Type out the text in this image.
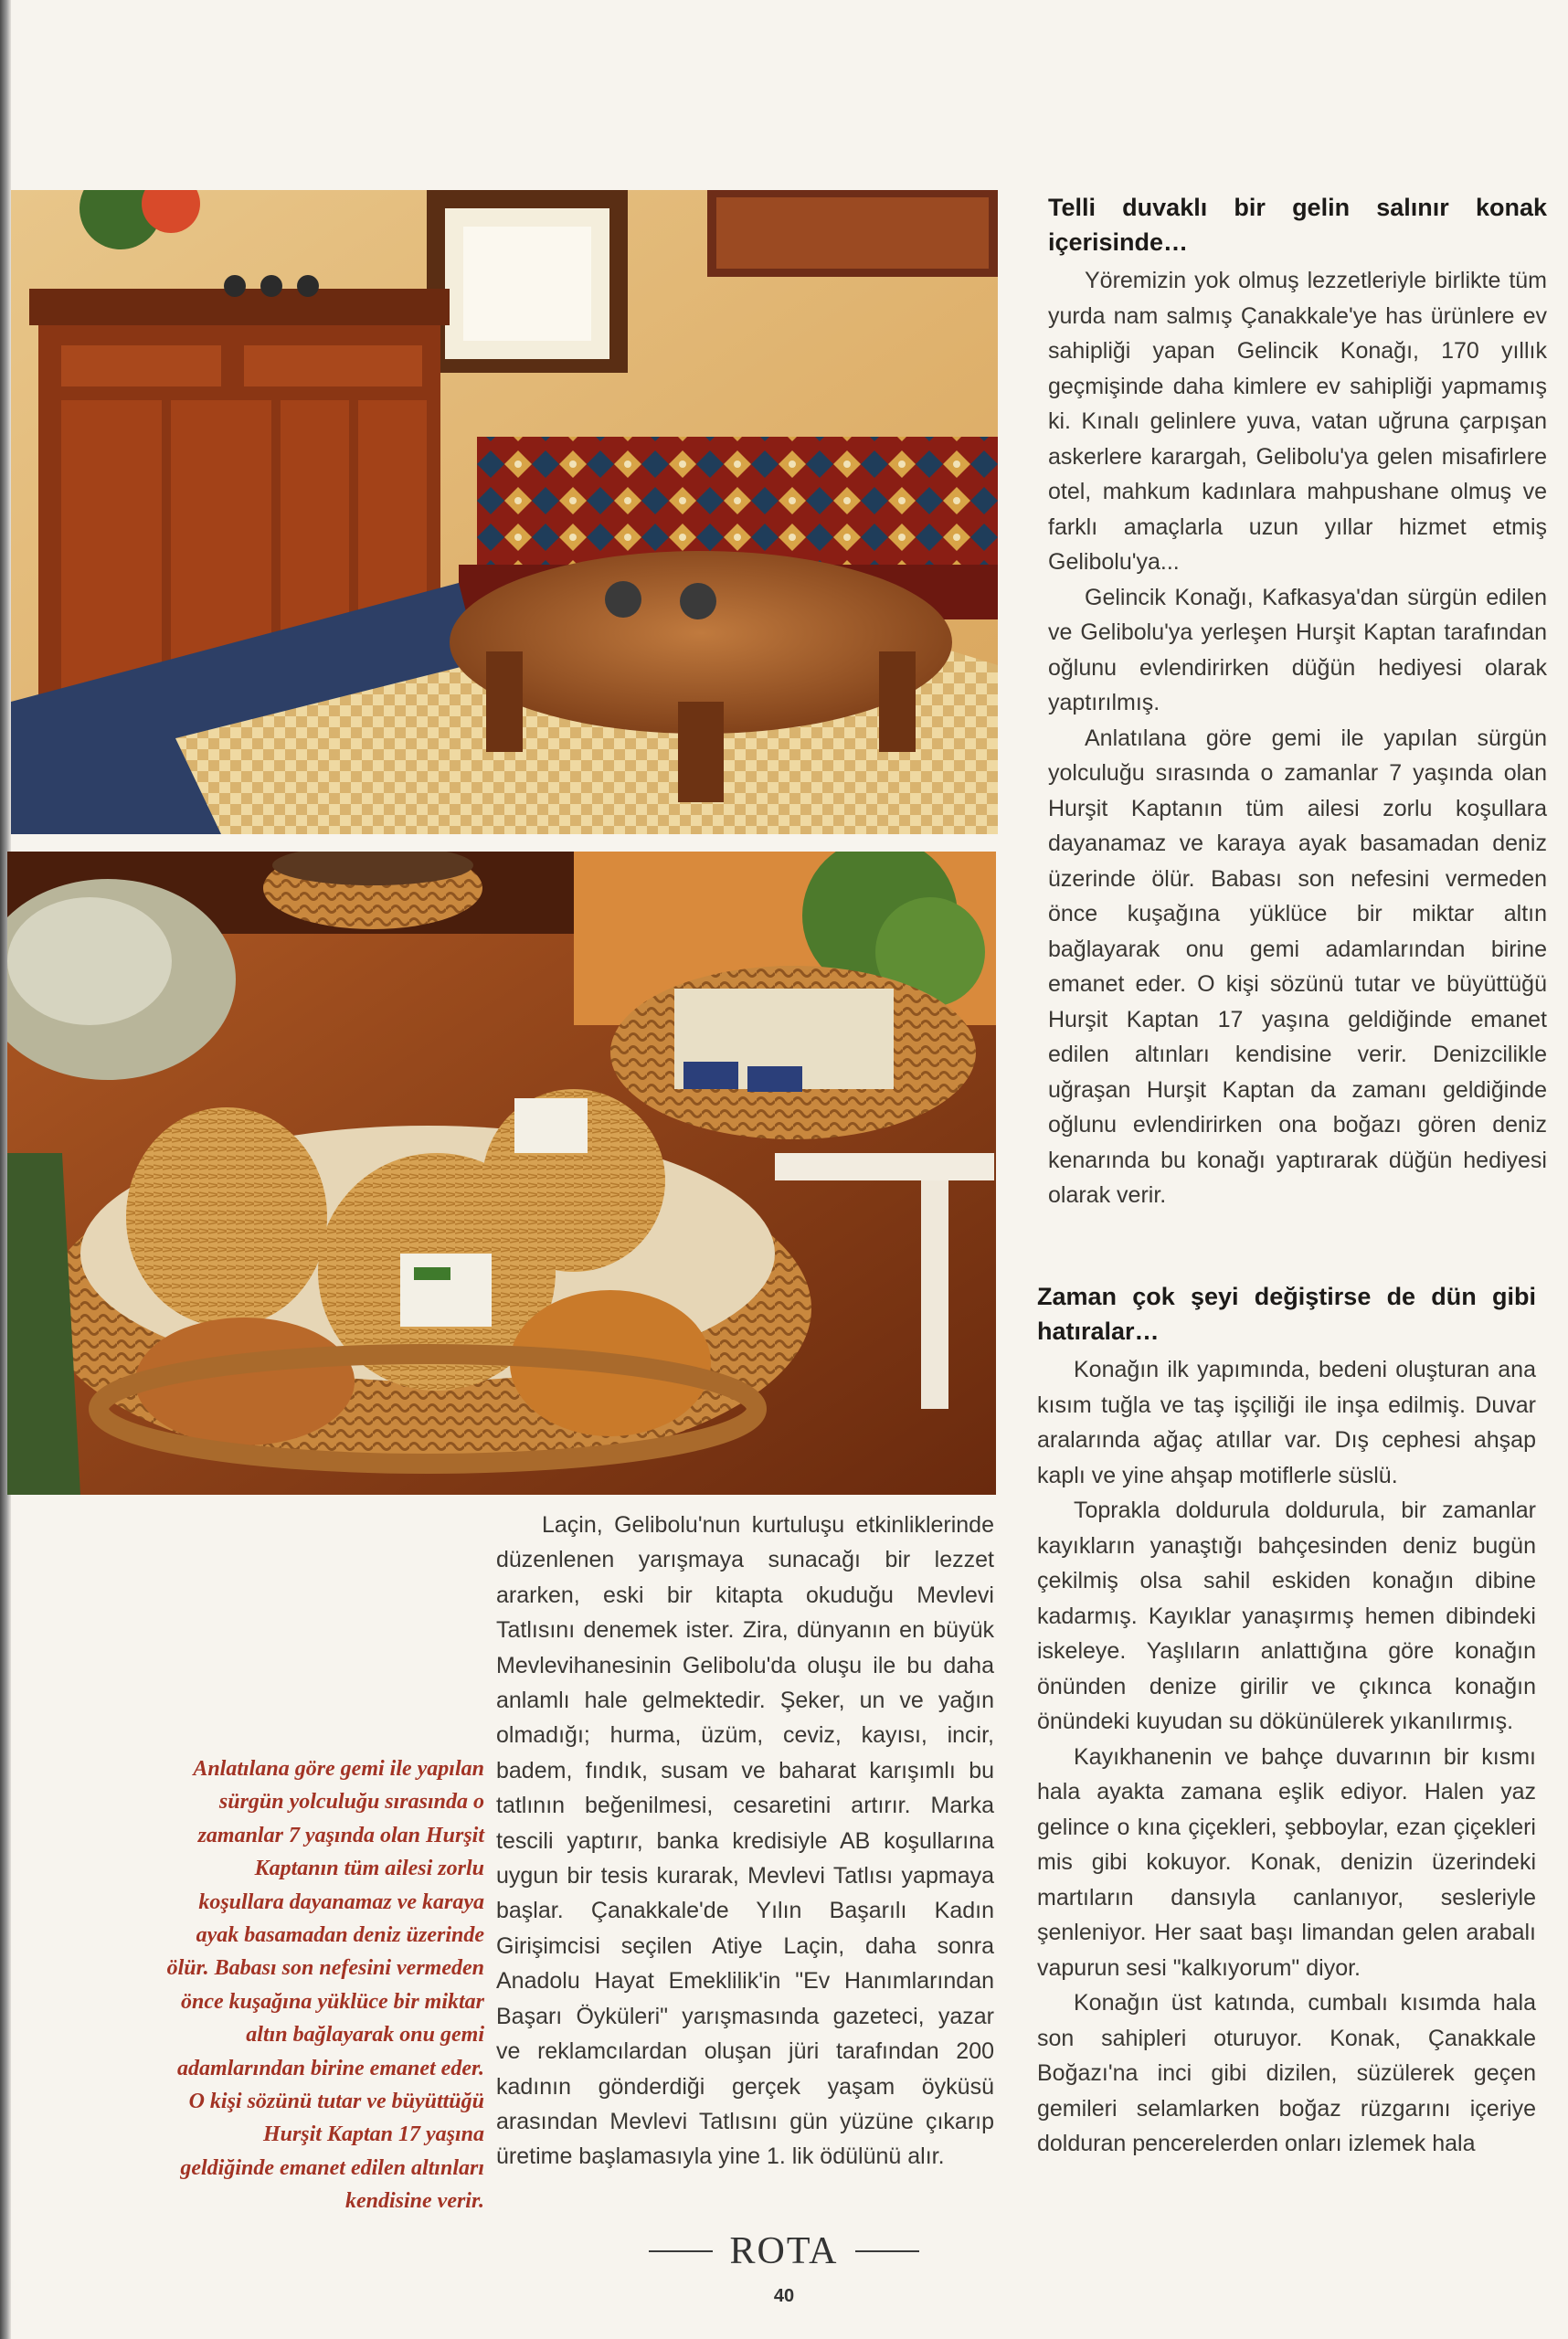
Telli duvaklı bir gelin salınır konak içerisinde…

Yöremizin yok olmuş lezzetleriyle birlikte tüm yurda nam salmış Çanakkale'ye has ürünlere ev sahipliği yapan Gelincik Konağı, 170 yıllık geçmişinde daha kimlere ev sahipliği yapmamış ki. Kınalı gelinlere yuva, vatan uğruna çarpışan askerlere karargah, Gelibolu'ya gelen misafirlere otel, mahkum kadınlara mahpushane olmuş ve farklı amaçlarla uzun yıllar hizmet etmiş Gelibolu'ya...

Gelincik Konağı, Kafkasya'dan sürgün edilen ve Gelibolu'ya yerleşen Hurşit Kaptan tarafından oğlunu evlendirirken düğün hediyesi olarak yaptırılmış.

Anlatılana göre gemi ile yapılan sürgün yolculuğu sırasında o zamanlar 7 yaşında olan Hurşit Kaptanın tüm ailesi zorlu koşullara dayanamaz ve karaya ayak basamadan deniz üzerinde ölür. Babası son nefesini vermeden önce kuşağına yüklüce bir miktar altın bağlayarak onu gemi adamlarından birine emanet eder. O kişi sözünü tutar ve büyüttüğü Hurşit Kaptan 17 yaşına geldiğinde emanet edilen altınları kendisine verir. Denizcilikle uğraşan Hurşit Kaptan da zamanı geldiğinde oğlunu evlendirirken ona boğazı gören deniz kenarında bu konağı yaptırarak düğün hediyesi olarak verir.

Zaman çok şeyi değiştirse de dün gibi hatıralar…

Konağın ilk yapımında, bedeni oluşturan ana kısım tuğla ve taş işçiliği ile inşa edilmiş. Duvar aralarında ağaç atıllar var. Dış cephesi ahşap kaplı ve yine ahşap motiflerle süslü.

Toprakla doldurula doldurula, bir zamanlar kayıkların yanaştığı bahçesinden deniz bugün çekilmiş olsa sahil eskiden konağın dibine kadarmış. Kayıklar yanaşırmış hemen dibindeki iskeleye. Yaşlıların anlattığına göre konağın önünden denize girilir ve çıkınca konağın önündeki kuyudan su dökünülerek yıkanılırmış.

Kayıkhanenin ve bahçe duvarının bir kısmı hala ayakta zamana eşlik ediyor. Halen yaz gelince o kına çiçekleri, şebboylar, ezan çiçekleri mis gibi kokuyor. Konak, denizin üzerindeki martıların dansıyla canlanıyor, sesleriyle şenleniyor. Her saat başı limandan gelen arabalı vapurun sesi "kalkıyorum" diyor.

Konağın üst katında, cumbalı kısımda hala son sahipleri oturuyor. Konak, Çanakkale Boğazı'na inci gibi dizilen, süzülerek geçen gemileri selamlarken boğaz rüzgarını içeriye dolduran pencerelerden onları izlemek hala

Laçin, Gelibolu'nun kurtuluşu etkinliklerinde düzenlenen yarışmaya sunacağı bir lezzet ararken, eski bir kitapta okuduğu Mevlevi Tatlısını denemek ister. Zira, dünyanın en büyük Mevlevihanesinin Gelibolu'da oluşu ile bu daha anlamlı hale gelmektedir. Şeker, un ve yağın olmadığı; hurma, üzüm, ceviz, kayısı, incir, badem, fındık, susam ve baharat karışımlı bu tatlının beğenilmesi, cesaretini artırır. Marka tescili yaptırır, banka kredisiyle AB koşullarına uygun bir tesis kurarak, Mevlevi Tatlısı yapmaya başlar. Çanakkale'de Yılın Başarılı Kadın Girişimcisi seçilen Atiye Laçin, daha sonra Anadolu Hayat Emeklilik'in "Ev Hanımlarından Başarı Öyküleri" yarışmasında gazeteci, yazar ve reklamcılardan oluşan jüri tarafından 200 kadının gönderdiği gerçek yaşam öyküsü arasından Mevlevi Tatlısını gün yüzüne çıkarıp üretime başlamasıyla yine 1. lik ödülünü alır.

Anlatılana göre gemi ile yapılan sürgün yolculuğu sırasında o zamanlar 7 yaşında olan Hurşit Kaptanın tüm ailesi zorlu koşullara dayanamaz ve karaya ayak basamadan deniz üzerinde ölür. Babası son nefesini vermeden önce kuşağına yüklüce bir miktar altın bağlayarak onu gemi adamlarından birine emanet eder. O kişi sözünü tutar ve büyüttüğü Hurşit Kaptan 17 yaşına geldiğinde emanet edilen altınları kendisine verir.
ROTA
40
